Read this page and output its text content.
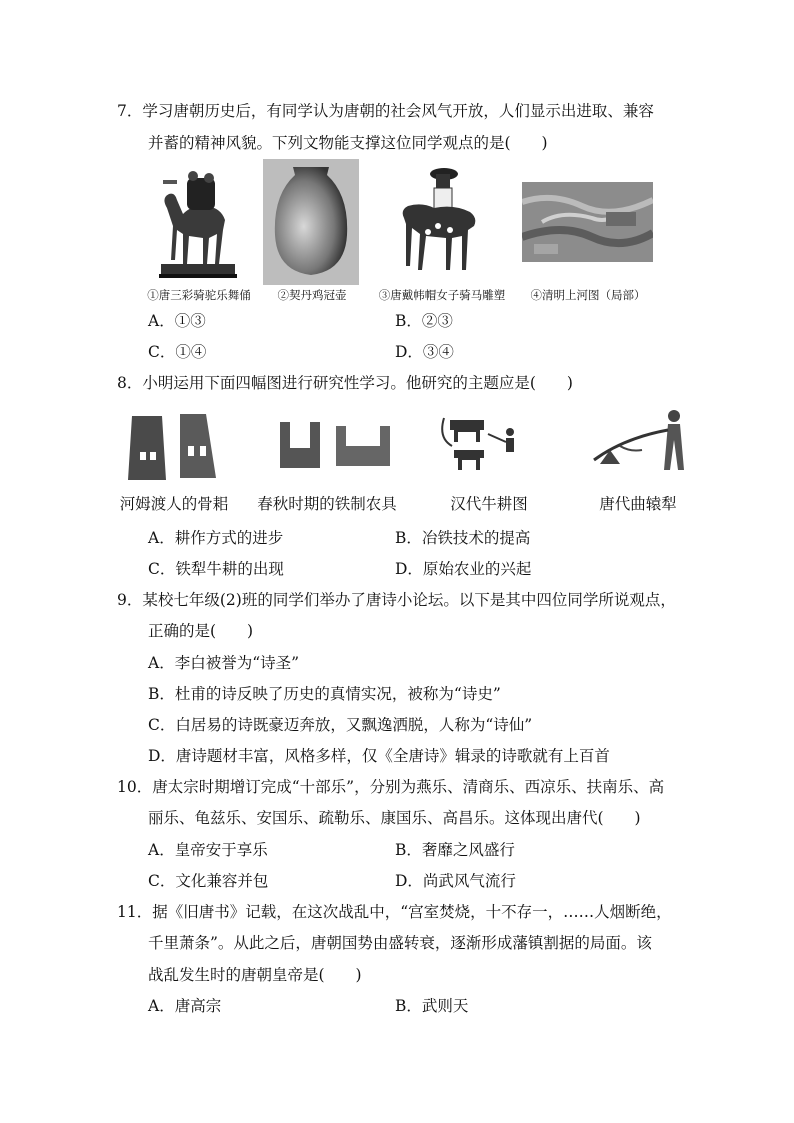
7．学习唐朝历史后，有同学认为唐朝的社会风气开放，人们显示出进取、兼容
并蓄的精神风貌。下列文物能支撑这位同学观点的是(　　)
①唐三彩骑驼乐舞俑	②契丹鸡冠壶	③唐戴帏帽女子骑马雕塑	④清明上河图（局部）
A．①③	B．②③
C．①④	D．③④
8．小明运用下面四幅图进行研究性学习。他研究的主题应是(　　)
河姆渡人的骨耜	春秋时期的铁制农具	汉代牛耕图	唐代曲辕犁
A．耕作方式的进步	B．冶铁技术的提高
C．铁犁牛耕的出现	D．原始农业的兴起
9．某校七年级(2)班的同学们举办了唐诗小论坛。以下是其中四位同学所说观点，
正确的是(　　)
A．李白被誉为“诗圣”
B．杜甫的诗反映了历史的真情实况，被称为“诗史”
C．白居易的诗既豪迈奔放，又飘逸洒脱，人称为“诗仙”
D．唐诗题材丰富，风格多样，仅《全唐诗》辑录的诗歌就有上百首
10．唐太宗时期增订完成“十部乐”，分别为燕乐、清商乐、西凉乐、扶南乐、高
丽乐、龟兹乐、安国乐、疏勒乐、康国乐、高昌乐。这体现出唐代(　　)
A．皇帝安于享乐	B．奢靡之风盛行
C．文化兼容并包	D．尚武风气流行
11．据《旧唐书》记载，在这次战乱中，“宫室焚烧，十不存一，……人烟断绝，
千里萧条”。从此之后，唐朝国势由盛转衰，逐渐形成藩镇割据的局面。该
战乱发生时的唐朝皇帝是(　　)
A．唐高宗	B．武则天
